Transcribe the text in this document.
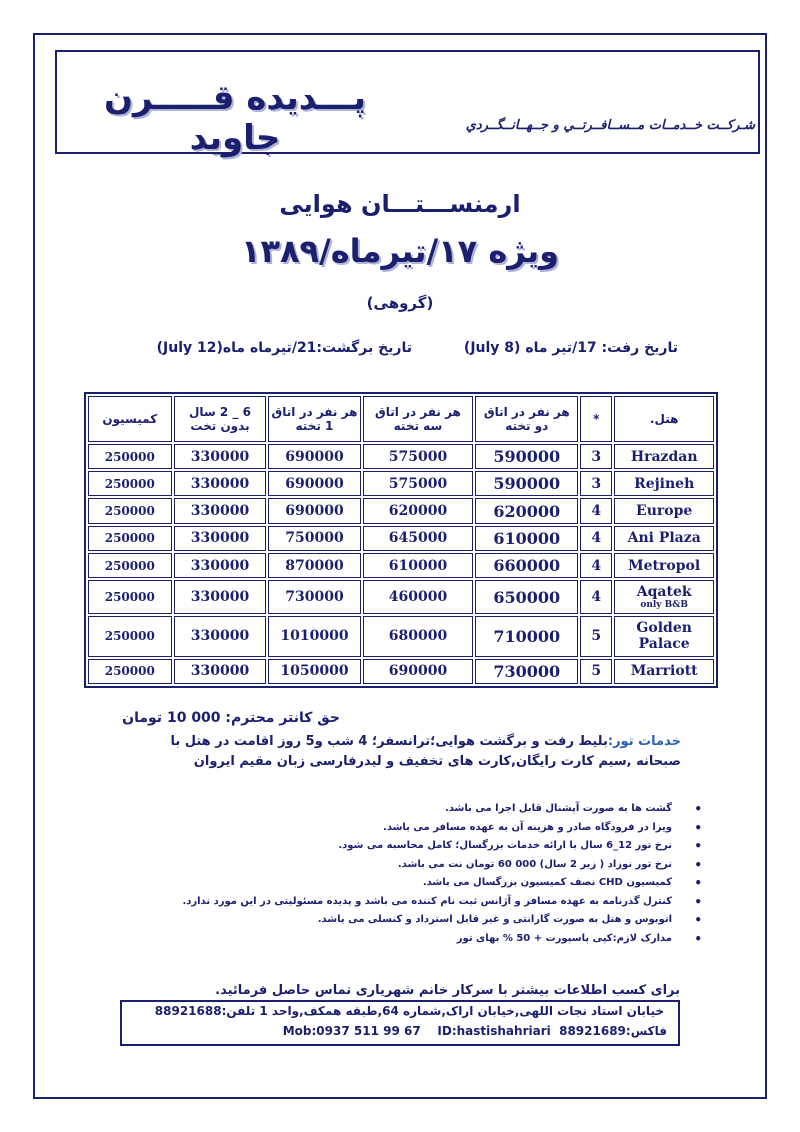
پـــدیده قـــــرن جاوید	شـرکــت خــدمــات مــســافــرتــي و جــهــانــگــردي
ارمنســـتـــان هوایی
ویژه ۱۷/تیرماه/۱۳۸۹
(گروهی)
تاریخ رفت: 17/تیر ماه (8 July)
تاریخ برگشت:21/تیرماه ماه(12 July)
هتل.	*	هر نفر در اتاق دو تخته	هر نفر در اتاق سه تخته	هر نفر در اتاق 1 تخته	6 _ 2 سال بدون تخت	کمیسیون
Hrazdan	3	590000	575000	690000	330000	250000
Rejineh	3	590000	575000	690000	330000	250000
Europe	4	620000	620000	690000	330000	250000
Ani Plaza	4	610000	645000	750000	330000	250000
Metropol	4	660000	610000	870000	330000	250000
Aqatek
only B&B	4	650000	460000	730000	330000	250000
Golden Palace	5	710000	680000	1010000	330000	250000
Marriott	5	730000	690000	1050000	330000	250000
حق کانتر محترم: 000 10 تومان
خدمات تور:بلیط رفت و برگشت هوایی؛ترانسفر؛ 4 شب و5 روز اقامت در هتل با صبحانه ,سیم کارت رایگان,کارت های تخفیف و لیدرفارسی زبان مقیم ایروان
•
گشت ها به صورت آپشنال قابل اجرا می باشد.
•
ویزا در فرودگاه صادر و هزینه آن به عهده مسافر می باشد.
•
نرخ تور 12_6 سال با ارائه خدمات بزرگسال؛ کامل محاسبه می شود.
•
نرخ تور نوزاد ( زیر 2 سال) 000 60 تومان نت می باشد.
•
کمیسیون CHD نصف کمیسیون بزرگسال می باشد.
•
کنترل گذرنامه به عهده مسافر و آژانس ثبت نام کننده می باشد و پدیده مسئولیتی در این مورد ندارد.
•
اتوبوس و هتل به صورت گارانتی و غیر قابل استرداد و کنسلی می باشد.
•
مدارک لازم:کپی پاسپورت + 50 % بهای تور
برای کسب اطلاعات بیشتر با سرکار خانم شهریاری تماس حاصل فرمائید.
خیابان استاد نجات اللهی,خیابان اراک,شماره 64,طبقه همکف,واحد 1 تلفن:88921688
Mob:0937 511 99 67 ID:hastishahriari فاکس:88921689
